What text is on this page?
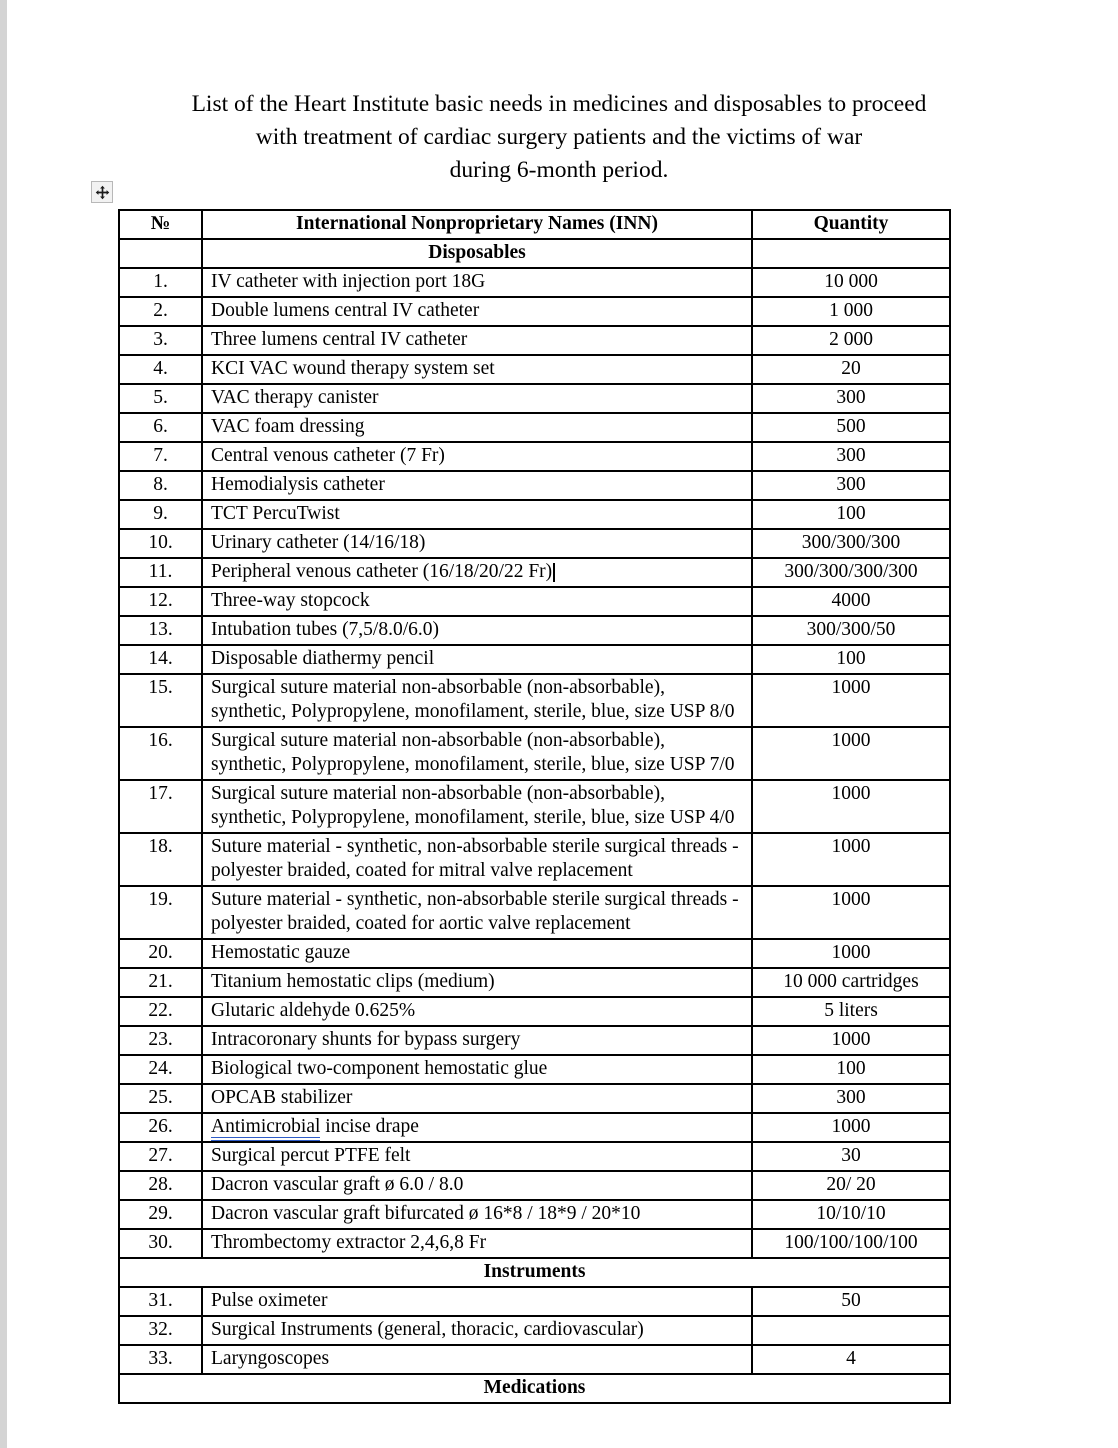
List of the Heart Institute basic needs in medicines and disposables to proceed
with treatment of cardiac surgery patients and the victims of war
during 6-month period.
№	International Nonproprietary Names (INN)	Quantity
	Disposables	
1.	IV catheter with injection port 18G	10 000
2.	Double lumens central IV catheter	1 000
3.	Three lumens central IV catheter	2 000
4.	KCI VAC wound therapy system set	20
5.	VAC therapy canister	300
6.	VAC foam dressing	500
7.	Central venous catheter (7 Fr)	300
8.	Hemodialysis catheter	300
9.	TCT PercuTwist	100
10.	Urinary catheter (14/16/18)	300/300/300
11.	Peripheral venous catheter (16/18/20/22 Fr)	300/300/300/300
12.	Three-way stopcock	4000
13.	Intubation tubes (7,5/8.0/6.0)	300/300/50
14.	Disposable diathermy pencil	100
15.	Surgical suture material non-absorbable (non-absorbable), synthetic, Polypropylene, monofilament, sterile, blue, size USP 8/0	1000
16.	Surgical suture material non-absorbable (non-absorbable), synthetic, Polypropylene, monofilament, sterile, blue, size USP 7/0	1000
17.	Surgical suture material non-absorbable (non-absorbable), synthetic, Polypropylene, monofilament, sterile, blue, size USP 4/0	1000
18.	Suture material - synthetic, non-absorbable sterile surgical threads - polyester braided, coated for mitral valve replacement	1000
19.	Suture material - synthetic, non-absorbable sterile surgical threads - polyester braided, coated for aortic valve replacement	1000
20.	Hemostatic gauze	1000
21.	Titanium hemostatic clips (medium)	10 000 cartridges
22.	Glutaric aldehyde 0.625%	5 liters
23.	Intracoronary shunts for bypass surgery	1000
24.	Biological two-component hemostatic glue	100
25.	OPCAB stabilizer	300
26.	Antimicrobial incise drape	1000
27.	Surgical percut PTFE felt	30
28.	Dacron vascular graft ø 6.0 / 8.0	20/ 20
29.	Dacron vascular graft bifurcated ø 16*8 / 18*9 / 20*10	10/10/10
30.	Thrombectomy extractor 2,4,6,8 Fr	100/100/100/100
Instruments		
31.	Pulse oximeter	50
32.	Surgical Instruments (general, thoracic, cardiovascular)	
33.	Laryngoscopes	4
Medications		
